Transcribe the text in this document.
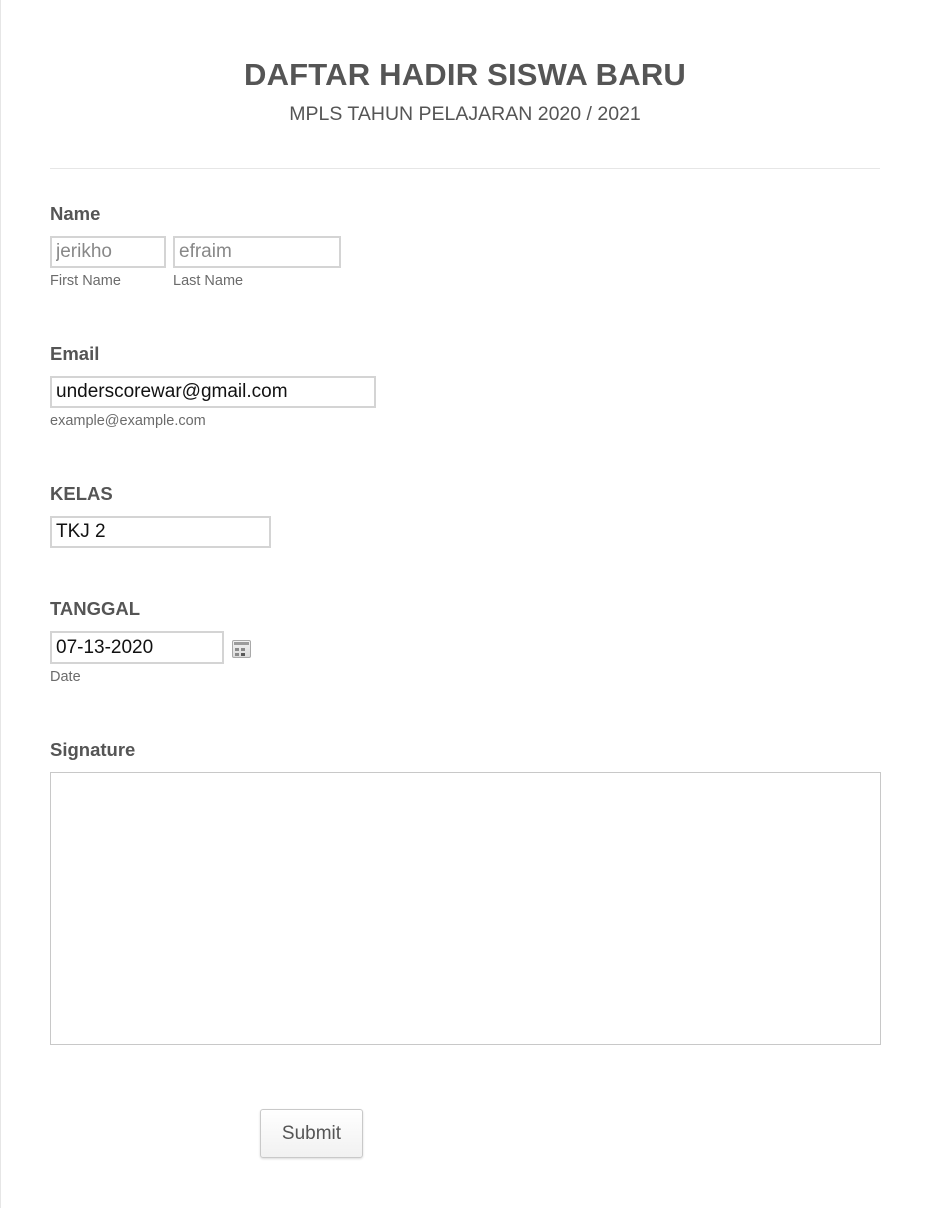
DAFTAR HADIR SISWA BARU
MPLS TAHUN PELAJARAN 2020 / 2021
Name
jerikho
efraim
First Name	Last Name
Email
underscorewar@gmail.com
example@example.com
KELAS
TKJ 2
TANGGAL
07-13-2020
Date
Signature
Submit
